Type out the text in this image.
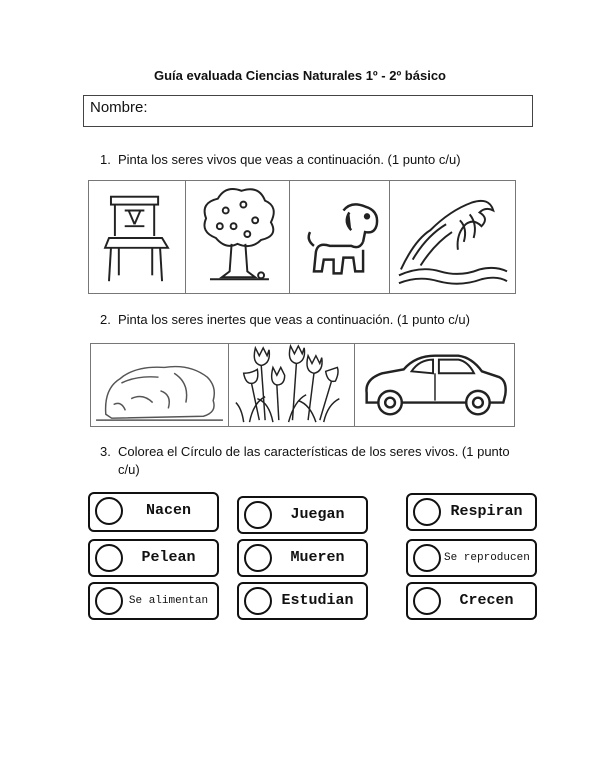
Guía evaluada Ciencias Naturales 1º - 2º básico
Nombre:
1. Pinta los seres vivos que veas a continuación. (1 punto c/u)
2. Pinta los seres inertes que veas a continuación. (1 punto c/u)
3. Colorea el Círculo de las características de los seres vivos. (1 punto c/u)
Nacen	Juegan	Respiran
Pelean	Mueren	Se reproducen
Se alimentan	Estudian	Crecen
